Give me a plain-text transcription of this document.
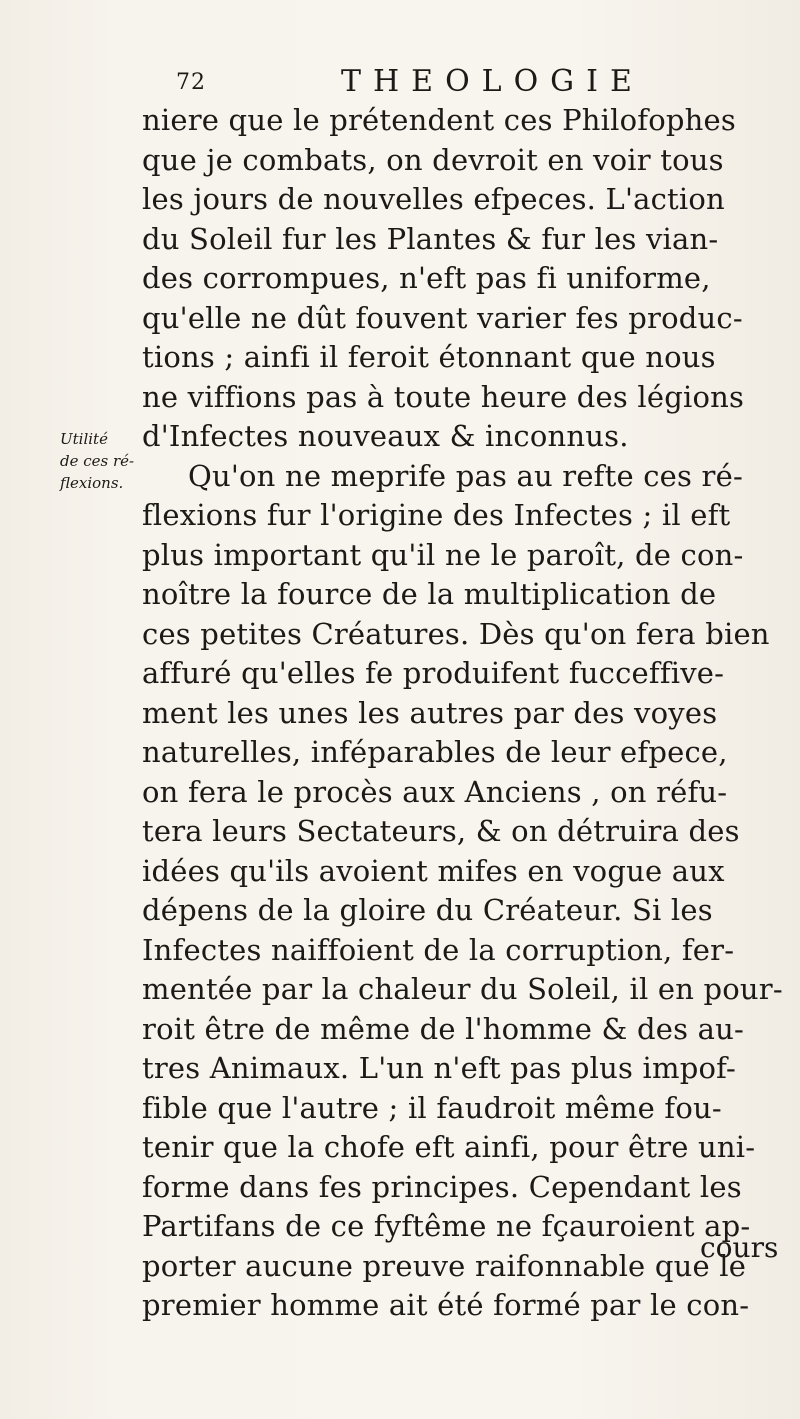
72	THEOLOGIE
Utilité
de ces ré-
flexions.
niere que le prétendent ces Philofophes
que je combats, on devroit en voir tous
les jours de nouvelles efpeces. L'action
du Soleil fur les Plantes & fur les vian-
des corrompues, n'eft pas fi uniforme,
qu'elle ne dût fouvent varier fes produc-
tions ; ainfi il feroit étonnant que nous
ne viffions pas à toute heure des légions
d'Infectes nouveaux & inconnus.
Qu'on ne meprife pas au refte ces ré-
flexions fur l'origine des Infectes ; il eft
plus important qu'il ne le paroît, de con-
noître la fource de la multiplication de
ces petites Créatures. Dès qu'on fera bien
affuré qu'elles fe produifent fucceffive-
ment les unes les autres par des voyes
naturelles, inféparables de leur efpece,
on fera le procès aux Anciens , on réfu-
tera leurs Sectateurs, & on détruira des
idées qu'ils avoient mifes en vogue aux
dépens de la gloire du Créateur. Si les
Infectes naiffoient de la corruption, fer-
mentée par la chaleur du Soleil, il en pour-
roit être de même de l'homme & des au-
tres Animaux. L'un n'eft pas plus impof-
fible que l'autre ; il faudroit même fou-
tenir que la chofe eft ainfi, pour être uni-
forme dans fes principes. Cependant les
Partifans de ce fyftême ne fçauroient ap-
porter aucune preuve raifonnable que le
premier homme ait été formé par le con-
cours
